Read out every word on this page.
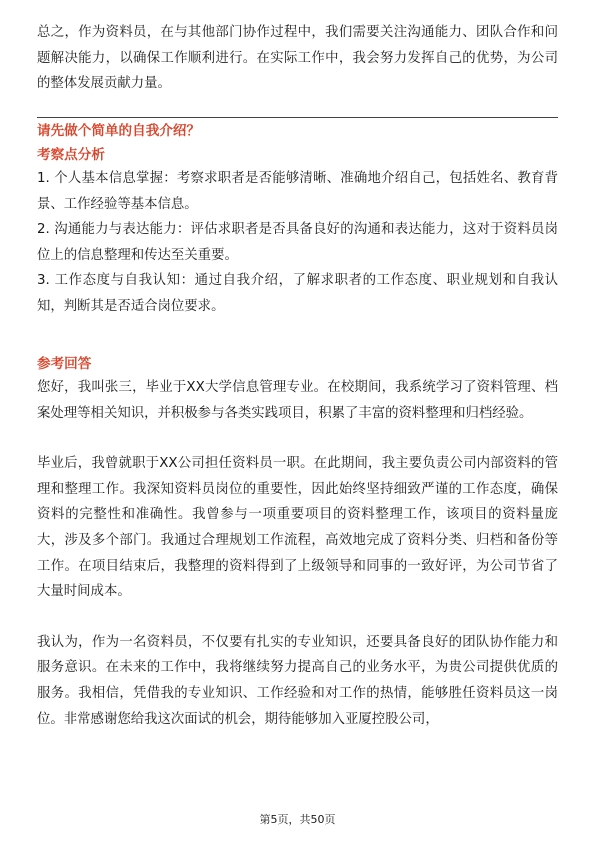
总之，作为资料员，在与其他部门协作过程中，我们需要关注沟通能力、团队合作和问题解决能力，以确保工作顺利进行。在实际工作中，我会努力发挥自己的优势，为公司的整体发展贡献力量。

请先做个简单的自我介绍？
考察点分析

1. 个人基本信息掌握：考察求职者是否能够清晰、准确地介绍自己，包括姓名、教育背景、工作经验等基本信息。

2. 沟通能力与表达能力：评估求职者是否具备良好的沟通和表达能力，这对于资料员岗位上的信息整理和传达至关重要。

3. 工作态度与自我认知：通过自我介绍，了解求职者的工作态度、职业规划和自我认知，判断其是否适合岗位要求。

参考回答

您好，我叫张三，毕业于XX大学信息管理专业。在校期间，我系统学习了资料管理、档案处理等相关知识，并积极参与各类实践项目，积累了丰富的资料整理和归档经验。

毕业后，我曾就职于XX公司担任资料员一职。在此期间，我主要负责公司内部资料的管理和整理工作。我深知资料员岗位的重要性，因此始终坚持细致严谨的工作态度，确保资料的完整性和准确性。我曾参与一项重要项目的资料整理工作，该项目的资料量庞大，涉及多个部门。我通过合理规划工作流程，高效地完成了资料分类、归档和备份等工作。在项目结束后，我整理的资料得到了上级领导和同事的一致好评，为公司节省了大量时间成本。

我认为，作为一名资料员，不仅要有扎实的专业知识，还要具备良好的团队协作能力和服务意识。在未来的工作中，我将继续努力提高自己的业务水平，为贵公司提供优质的服务。我相信，凭借我的专业知识、工作经验和对工作的热情，能够胜任资料员这一岗位。非常感谢您给我这次面试的机会，期待能够加入亚厦控股公司，

第5页，共50页
